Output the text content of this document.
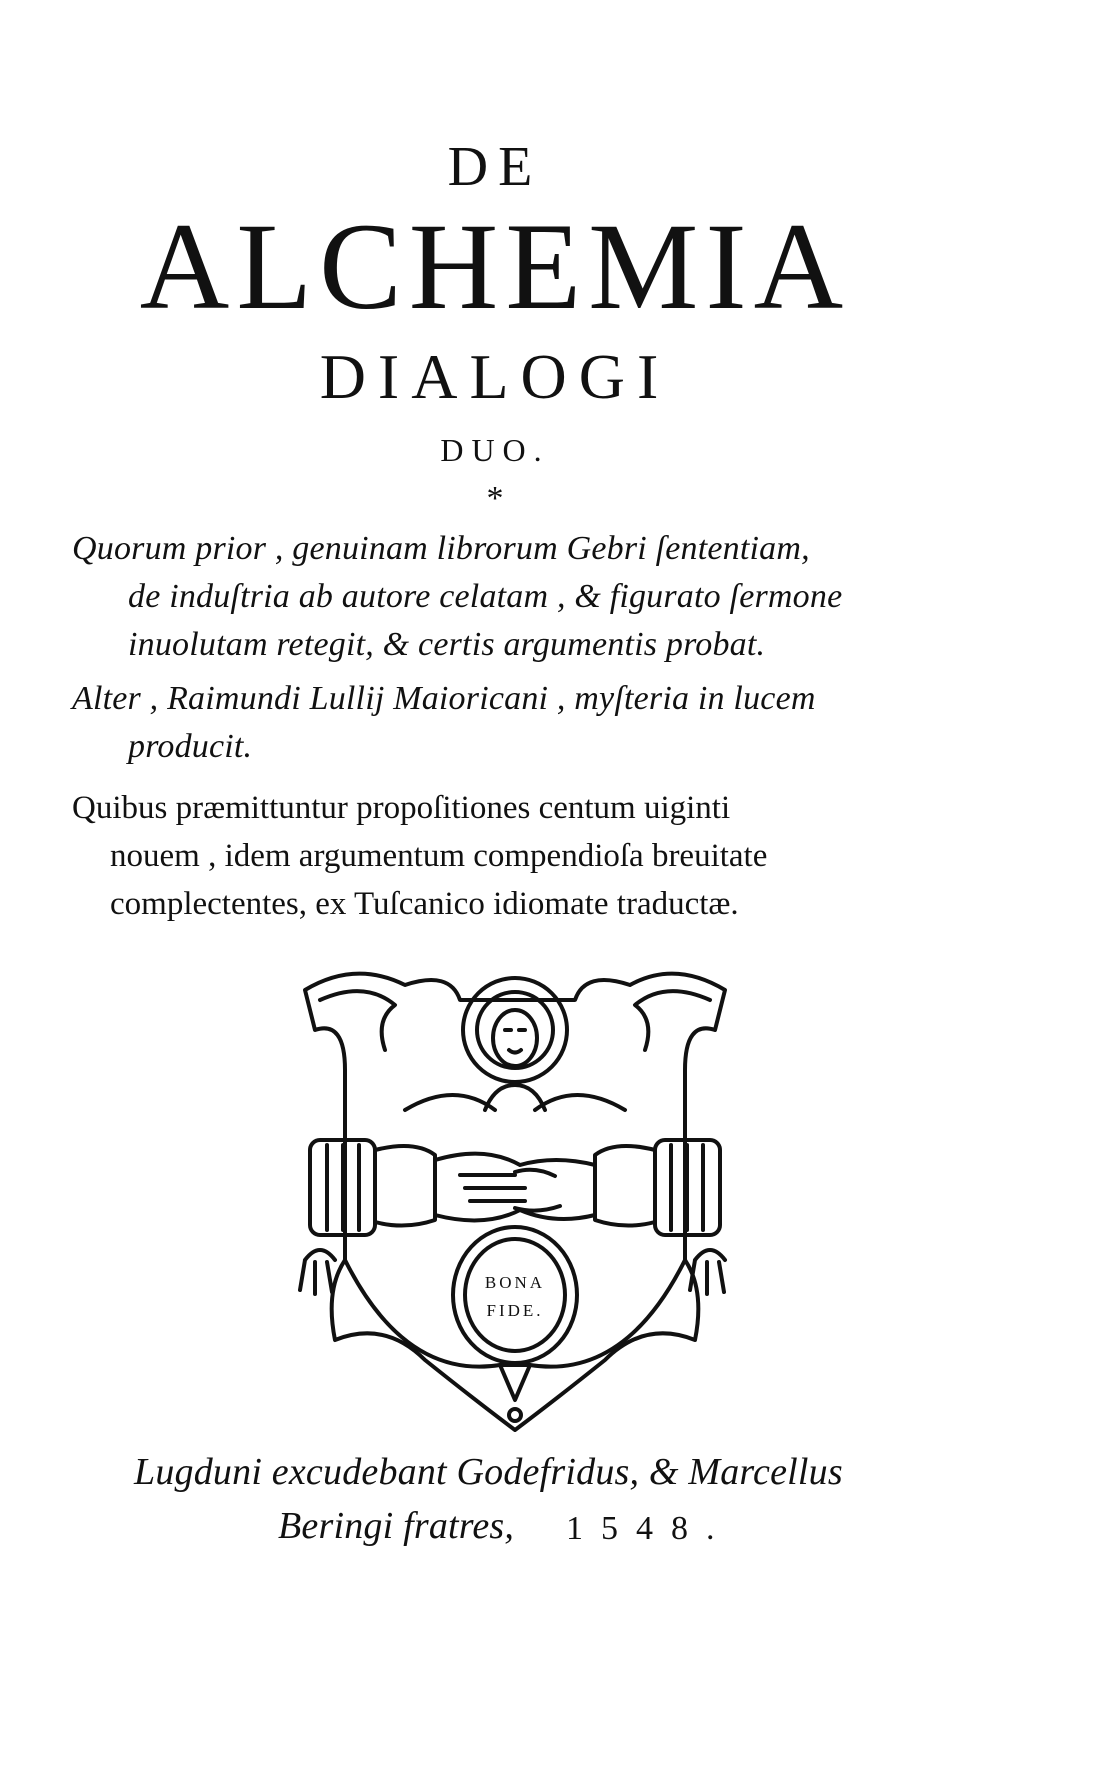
DE
ALCHEMIA
DIALOGI
DUO.
*
Quorum prior , genuinam librorum Gebri ſententiam,
de induſtria ab autore celatam , & figurato ſermone
inuolutam retegit, & certis argumentis probat.
Alter , Raimundi Lullij Maioricani , myſteria in lucem
producit.
Quibus præmittuntur propoſitiones centum uiginti
nouem , idem argumentum compendioſa breuitate
complectentes, ex Tuſcanico idiomate traductæ.
BONA
FIDE.
Lugduni excudebant Godefridus, & Marcellus
Beringi fratres, 1548.
